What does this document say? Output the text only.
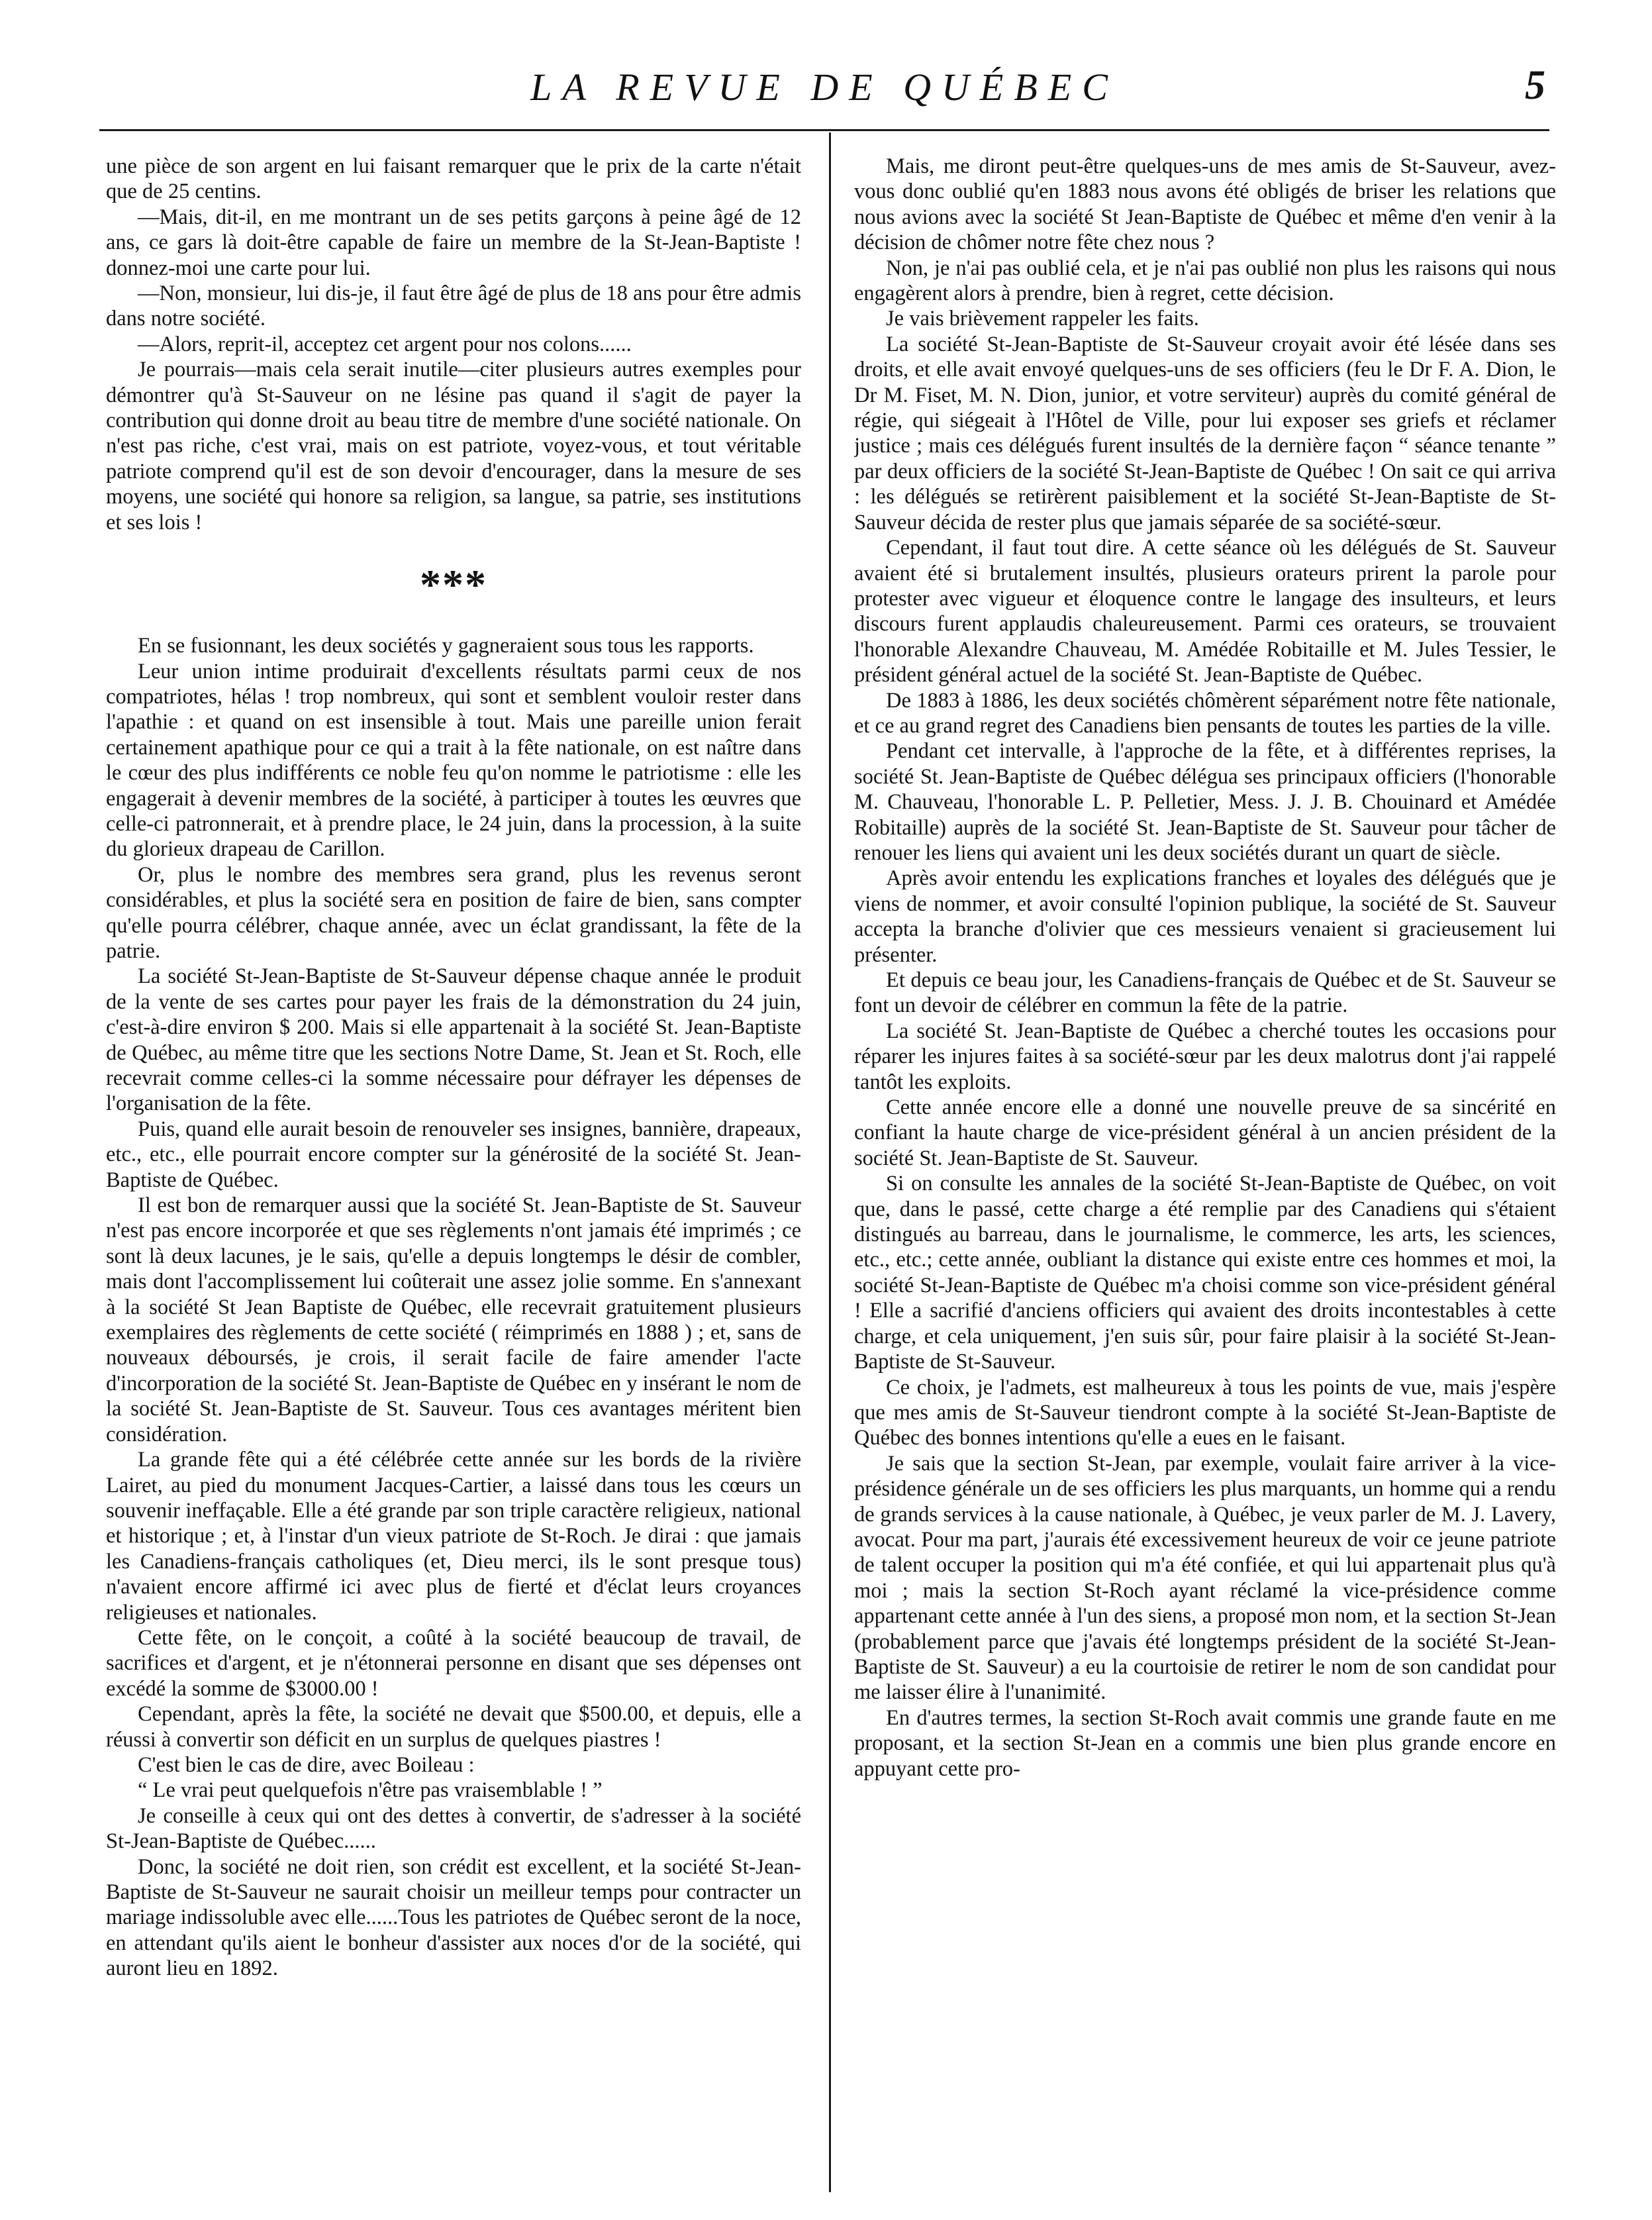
LA REVUE DE QUÉBEC	5

une pièce de son argent en lui faisant remarquer que le prix de la carte n'était que de 25 centins.

—Mais, dit-il, en me montrant un de ses petits garçons à peine âgé de 12 ans, ce gars là doit-être capable de faire un membre de la St-Jean-Baptiste ! donnez-moi une carte pour lui.

—Non, monsieur, lui dis-je, il faut être âgé de plus de 18 ans pour être admis dans notre société.

—Alors, reprit-il, acceptez cet argent pour nos colons......

Je pourrais—mais cela serait inutile—citer plusieurs autres exemples pour démontrer qu'à St-Sauveur on ne lésine pas quand il s'agit de payer la contribution qui donne droit au beau titre de membre d'une société nationale. On n'est pas riche, c'est vrai, mais on est patriote, voyez-vous, et tout véritable patriote comprend qu'il est de son devoir d'encourager, dans la mesure de ses moyens, une société qui honore sa religion, sa langue, sa patrie, ses institutions et ses lois !

***

En se fusionnant, les deux sociétés y gagneraient sous tous les rapports.

Leur union intime produirait d'excellents résultats parmi ceux de nos compatriotes, hélas ! trop nombreux, qui sont et semblent vouloir rester dans l'apathie : et quand on est insensible à tout. Mais une pareille union ferait certainement apathique pour ce qui a trait à la fête nationale, on est naître dans le cœur des plus indifférents ce noble feu qu'on nomme le patriotisme : elle les engagerait à devenir membres de la société, à participer à toutes les œuvres que celle-ci patronnerait, et à prendre place, le 24 juin, dans la procession, à la suite du glorieux drapeau de Carillon.

Or, plus le nombre des membres sera grand, plus les revenus seront considérables, et plus la société sera en position de faire de bien, sans compter qu'elle pourra célébrer, chaque année, avec un éclat grandissant, la fête de la patrie.

La société St-Jean-Baptiste de St-Sauveur dépense chaque année le produit de la vente de ses cartes pour payer les frais de la démonstration du 24 juin, c'est-à-dire environ $ 200. Mais si elle appartenait à la société St. Jean-Baptiste de Québec, au même titre que les sections Notre Dame, St. Jean et St. Roch, elle recevrait comme celles-ci la somme nécessaire pour défrayer les dépenses de l'organisation de la fête.

Puis, quand elle aurait besoin de renouveler ses insignes, bannière, drapeaux, etc., etc., elle pourrait encore compter sur la générosité de la société St. Jean-Baptiste de Québec.

Il est bon de remarquer aussi que la société St. Jean-Baptiste de St. Sauveur n'est pas encore incorporée et que ses règlements n'ont jamais été imprimés ; ce sont là deux lacunes, je le sais, qu'elle a depuis longtemps le désir de combler, mais dont l'accomplissement lui coûterait une assez jolie somme. En s'annexant à la société St Jean Baptiste de Québec, elle recevrait gratuitement plusieurs exemplaires des règlements de cette société ( réimprimés en 1888 ) ; et, sans de nouveaux déboursés, je crois, il serait facile de faire amender l'acte d'incorporation de la société St. Jean-Baptiste de Québec en y insérant le nom de la société St. Jean-Baptiste de St. Sauveur. Tous ces avantages méritent bien considération.

La grande fête qui a été célébrée cette année sur les bords de la rivière Lairet, au pied du monument Jacques-Cartier, a laissé dans tous les cœurs un souvenir ineffaçable. Elle a été grande par son triple caractère religieux, national et historique ; et, à l'instar d'un vieux patriote de St-Roch. Je dirai : que jamais les Canadiens-français catholiques (et, Dieu merci, ils le sont presque tous) n'avaient encore affirmé ici avec plus de fierté et d'éclat leurs croyances religieuses et nationales.

Cette fête, on le conçoit, a coûté à la société beaucoup de travail, de sacrifices et d'argent, et je n'étonnerai personne en disant que ses dépenses ont excédé la somme de $3000.00 !

Cependant, après la fête, la société ne devait que $500.00, et depuis, elle a réussi à convertir son déficit en un surplus de quelques piastres !

C'est bien le cas de dire, avec Boileau :

“ Le vrai peut quelquefois n'être pas vraisemblable ! ”

Je conseille à ceux qui ont des dettes à convertir, de s'adresser à la société St-Jean-Baptiste de Québec......

Donc, la société ne doit rien, son crédit est excellent, et la société St-Jean-Baptiste de St-Sauveur ne saurait choisir un meilleur temps pour contracter un mariage indissoluble avec elle......Tous les patriotes de Québec seront de la noce, en attendant qu'ils aient le bonheur d'assister aux noces d'or de la société, qui auront lieu en 1892.

Mais, me diront peut-être quelques-uns de mes amis de St-Sauveur, avez-vous donc oublié qu'en 1883 nous avons été obligés de briser les relations que nous avions avec la société St Jean-Baptiste de Québec et même d'en venir à la décision de chômer notre fête chez nous ?

Non, je n'ai pas oublié cela, et je n'ai pas oublié non plus les raisons qui nous engagèrent alors à prendre, bien à regret, cette décision.

Je vais brièvement rappeler les faits.

La société St-Jean-Baptiste de St-Sauveur croyait avoir été lésée dans ses droits, et elle avait envoyé quelques-uns de ses officiers (feu le Dr F. A. Dion, le Dr M. Fiset, M. N. Dion, junior, et votre serviteur) auprès du comité général de régie, qui siégeait à l'Hôtel de Ville, pour lui exposer ses griefs et réclamer justice ; mais ces délégués furent insultés de la dernière façon “ séance tenante ” par deux officiers de la société St-Jean-Baptiste de Québec ! On sait ce qui arriva : les délégués se retirèrent paisiblement et la société St-Jean-Baptiste de St-Sauveur décida de rester plus que jamais séparée de sa société-sœur.

Cependant, il faut tout dire. A cette séance où les délégués de St. Sauveur avaient été si brutalement insultés, plusieurs orateurs prirent la parole pour protester avec vigueur et éloquence contre le langage des insulteurs, et leurs discours furent applaudis chaleureusement. Parmi ces orateurs, se trouvaient l'honorable Alexandre Chauveau, M. Amédée Robitaille et M. Jules Tessier, le président général actuel de la société St. Jean-Baptiste de Québec.

De 1883 à 1886, les deux sociétés chômèrent séparément notre fête nationale, et ce au grand regret des Canadiens bien pensants de toutes les parties de la ville.

Pendant cet intervalle, à l'approche de la fête, et à différentes reprises, la société St. Jean-Baptiste de Québec délégua ses principaux officiers (l'honorable M. Chauveau, l'honorable L. P. Pelletier, Mess. J. J. B. Chouinard et Amédée Robitaille) auprès de la société St. Jean-Baptiste de St. Sauveur pour tâcher de renouer les liens qui avaient uni les deux sociétés durant un quart de siècle.

Après avoir entendu les explications franches et loyales des délégués que je viens de nommer, et avoir consulté l'opinion publique, la société de St. Sauveur accepta la branche d'olivier que ces messieurs venaient si gracieusement lui présenter.

Et depuis ce beau jour, les Canadiens-français de Québec et de St. Sauveur se font un devoir de célébrer en commun la fête de la patrie.

La société St. Jean-Baptiste de Québec a cherché toutes les occasions pour réparer les injures faites à sa société-sœur par les deux malotrus dont j'ai rappelé tantôt les exploits.

Cette année encore elle a donné une nouvelle preuve de sa sincérité en confiant la haute charge de vice-président général à un ancien président de la société St. Jean-Baptiste de St. Sauveur.

Si on consulte les annales de la société St-Jean-Baptiste de Québec, on voit que, dans le passé, cette charge a été remplie par des Canadiens qui s'étaient distingués au barreau, dans le journalisme, le commerce, les arts, les sciences, etc., etc.; cette année, oubliant la distance qui existe entre ces hommes et moi, la société St-Jean-Baptiste de Québec m'a choisi comme son vice-président général ! Elle a sacrifié d'anciens officiers qui avaient des droits incontestables à cette charge, et cela uniquement, j'en suis sûr, pour faire plaisir à la société St-Jean-Baptiste de St-Sauveur.

Ce choix, je l'admets, est malheureux à tous les points de vue, mais j'espère que mes amis de St-Sauveur tiendront compte à la société St-Jean-Baptiste de Québec des bonnes intentions qu'elle a eues en le faisant.

Je sais que la section St-Jean, par exemple, voulait faire arriver à la vice-présidence générale un de ses officiers les plus marquants, un homme qui a rendu de grands services à la cause nationale, à Québec, je veux parler de M. J. Lavery, avocat. Pour ma part, j'aurais été excessivement heureux de voir ce jeune patriote de talent occuper la position qui m'a été confiée, et qui lui appartenait plus qu'à moi ; mais la section St-Roch ayant réclamé la vice-présidence comme appartenant cette année à l'un des siens, a proposé mon nom, et la section St-Jean (probablement parce que j'avais été longtemps président de la société St-Jean-Baptiste de St. Sauveur) a eu la courtoisie de retirer le nom de son candidat pour me laisser élire à l'unanimité.

En d'autres termes, la section St-Roch avait commis une grande faute en me proposant, et la section St-Jean en a commis une bien plus grande encore en appuyant cette pro-
